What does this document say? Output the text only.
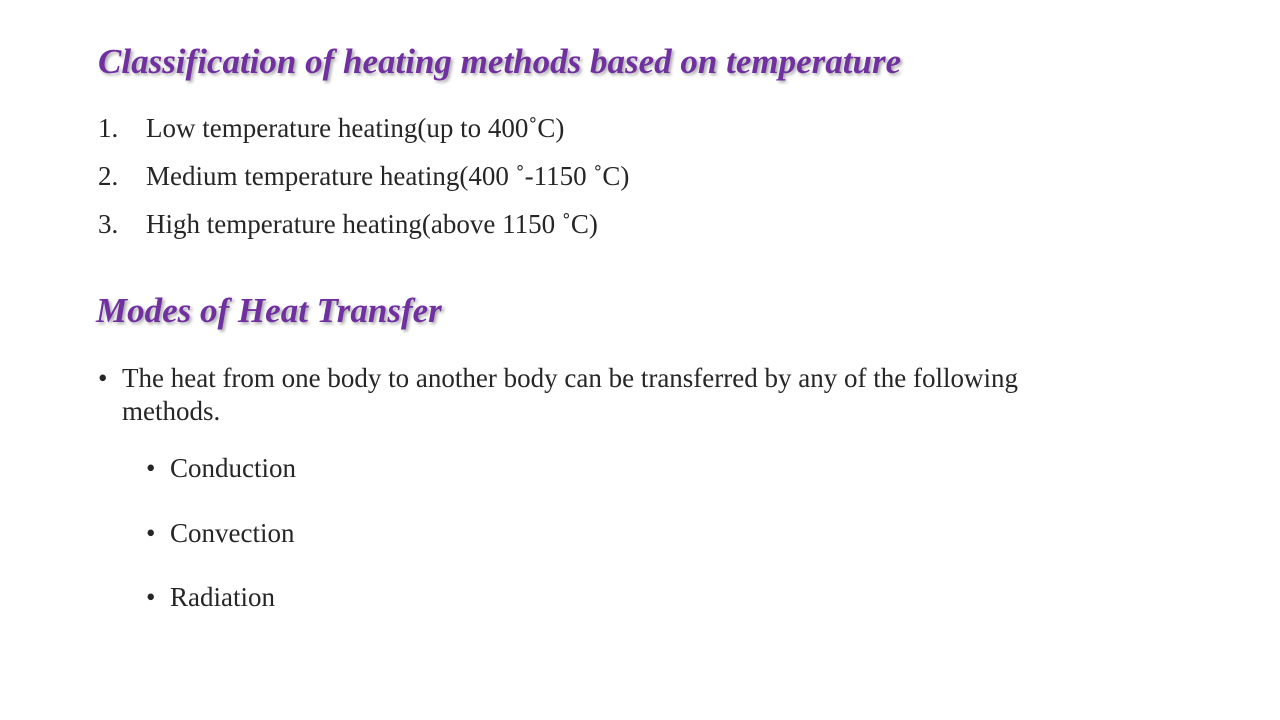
Classification of heating methods based on temperature
1. Low temperature heating(up to 400˚C)
2. Medium temperature heating(400 ˚-1150 ˚C)
3. High temperature heating(above 1150 ˚C)
Modes of Heat Transfer
• The heat from one body to another body can be transferred by any of the following methods.
• Conduction
• Convection
• Radiation
